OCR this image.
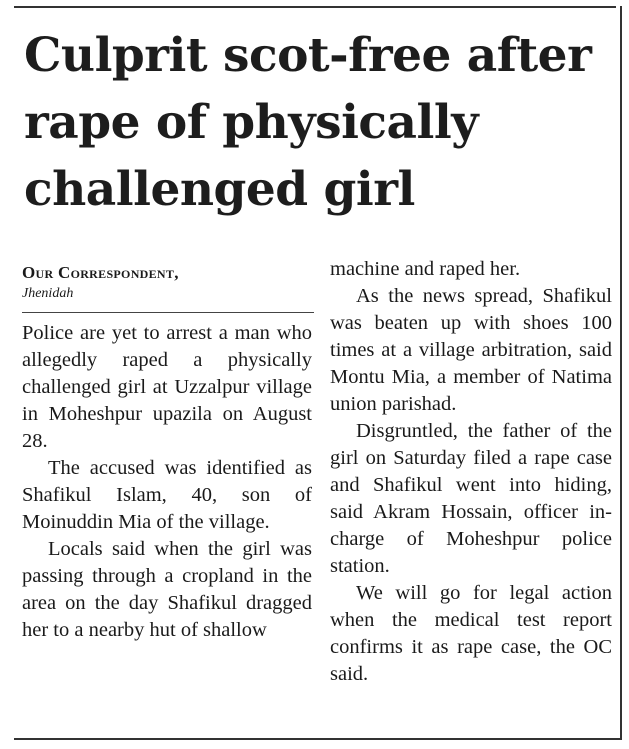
Culprit scot-free after rape of physically challenged girl
Our Correspondent,
Jhenidah

Police are yet to arrest a man who allegedly raped a physically challenged girl at Uzzalpur village in Moheshpur upazila on August 28.

The accused was identified as Shafikul Islam, 40, son of Moinuddin Mia of the village.

Locals said when the girl was passing through a cropland in the area on the day Shafikul dragged her to a nearby hut of shallow

machine and raped her.

As the news spread, Shafikul was beaten up with shoes 100 times at a village arbitration, said Montu Mia, a member of Natima union parishad.

Disgruntled, the father of the girl on Saturday filed a rape case and Shafikul went into hiding, said Akram Hossain, officer in-charge of Moheshpur police station.

We will go for legal action when the medical test report confirms it as rape case, the OC said.
